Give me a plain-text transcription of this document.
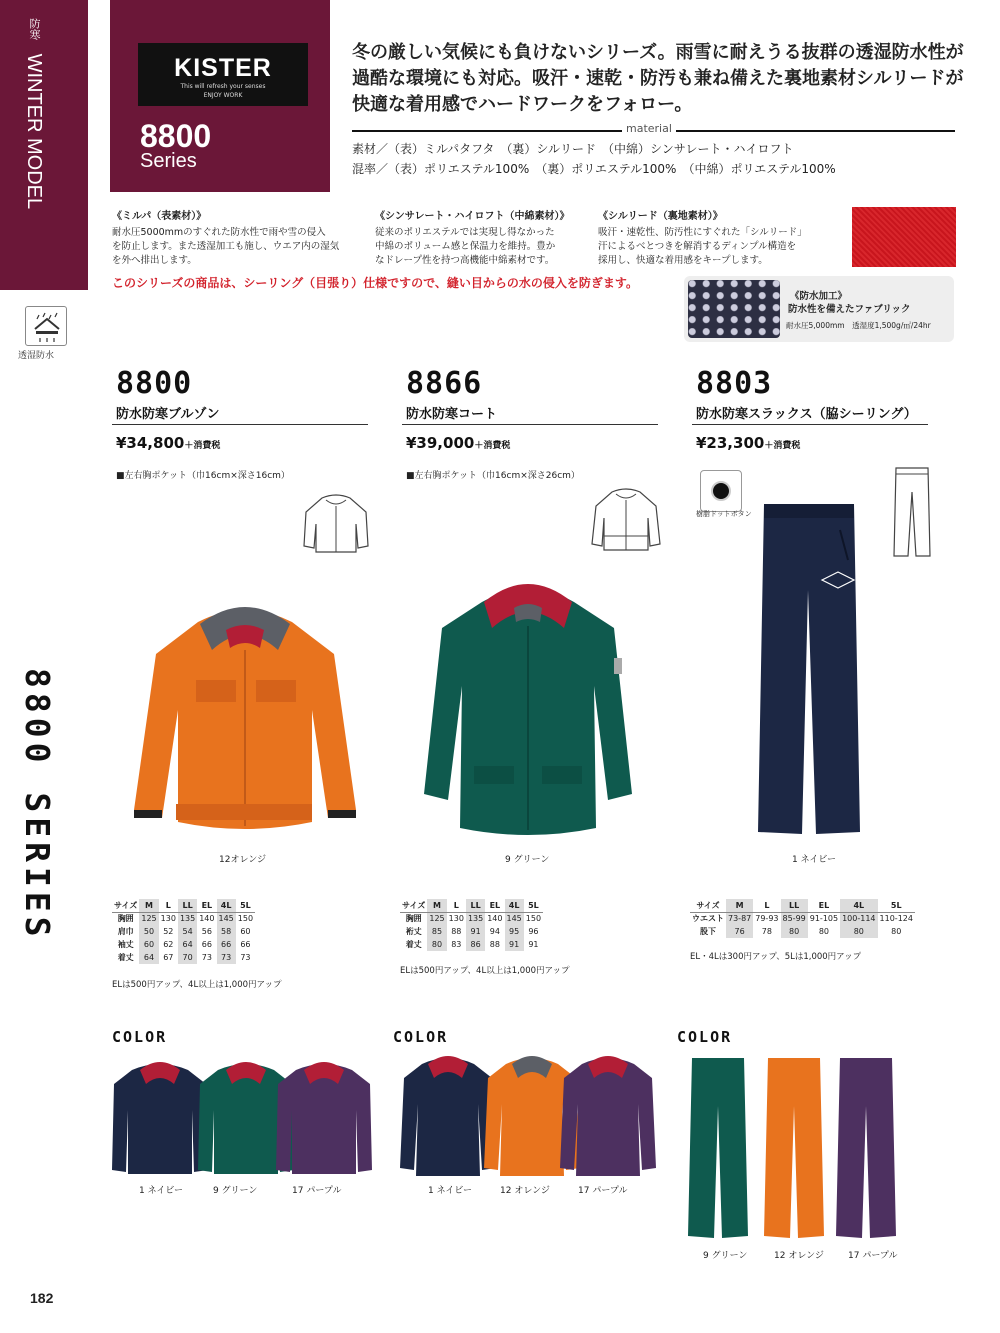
防寒 WINTER MODEL
透湿防水
8800 SERIES
KISTER
This will refresh your senses
ENJOY WORK
8800
Series
冬の厳しい気候にも負けないシリーズ。雨雪に耐えうる抜群の透湿防水性が
過酷な環境にも対応。吸汗・速乾・防汚も兼ね備えた裏地素材シルリードが
快適な着用感でハードワークをフォロー。
material
素材／（表）ミルパタフタ　（裏）シルリード　（中綿）シンサレート・ハイロフト
混率／（表）ポリエステル100%　（裏）ポリエステル100%　（中綿）ポリエステル100%
《ミルパ（表素材）》
耐水圧5000mmのすぐれた防水性で雨や雪の侵入
を防止します。また透湿加工も施し、ウエア内の湿気
を外へ排出します。
《シンサレート・ハイロフト（中綿素材）》
従来のポリエステルでは実現し得なかった
中綿のボリューム感と保温力を維持。豊か
なドレープ性を持つ高機能中綿素材です。
《シルリード（裏地素材）》
吸汗・速乾性、防汚性にすぐれた「シルリード」
汗によるべとつきを解消するディンプル構造を
採用し、快適な着用感をキープします。
このシリーズの商品は、シーリング（目張り）仕様ですので、縫い目からの水の侵入を防ぎます。
《防水加工》
防水性を備えたファブリック
耐水圧5,000mm　透湿度1,500g/㎡/24hr
8800
防水防寒ブルゾン
¥34,800＋消費税
■左右胸ポケット（巾16cm×深さ16cm）
12オレンジ
サイズ	M	L	LL	EL	4L	5L
胸囲	125	130	135	140	145	150
肩巾	50	52	54	56	58	60
袖丈	60	62	64	66	66	66
着丈	64	67	70	73	73	73
ELは500円アップ、4L以上は1,000円アップ
8866
防水防寒コート
¥39,000＋消費税
■左右胸ポケット（巾16cm×深さ26cm）
9 グリーン
サイズ	M	L	LL	EL	4L	5L
胸囲	125	130	135	140	145	150
裄丈	85	88	91	94	95	96
着丈	80	83	86	88	91	91
ELは500円アップ、4L以上は1,000円アップ
8803
防水防寒スラックス（脇シーリング）
¥23,300＋消費税
樹脂ドットボタン
1 ネイビー
サイズ	M	L	LL	EL	4L	5L
ウエスト	73-87	79-93	85-99	91-105	100-114	110-124
股下	76	78	80	80	80	80
EL・4Lは300円アップ、5Lは1,000円アップ
COLOR	COLOR	COLOR
1 ネイビー	9 グリーン	17 パープル	1 ネイビー	12 オレンジ	17 パープル
9 グリーン	12 オレンジ	17 パープル
182
